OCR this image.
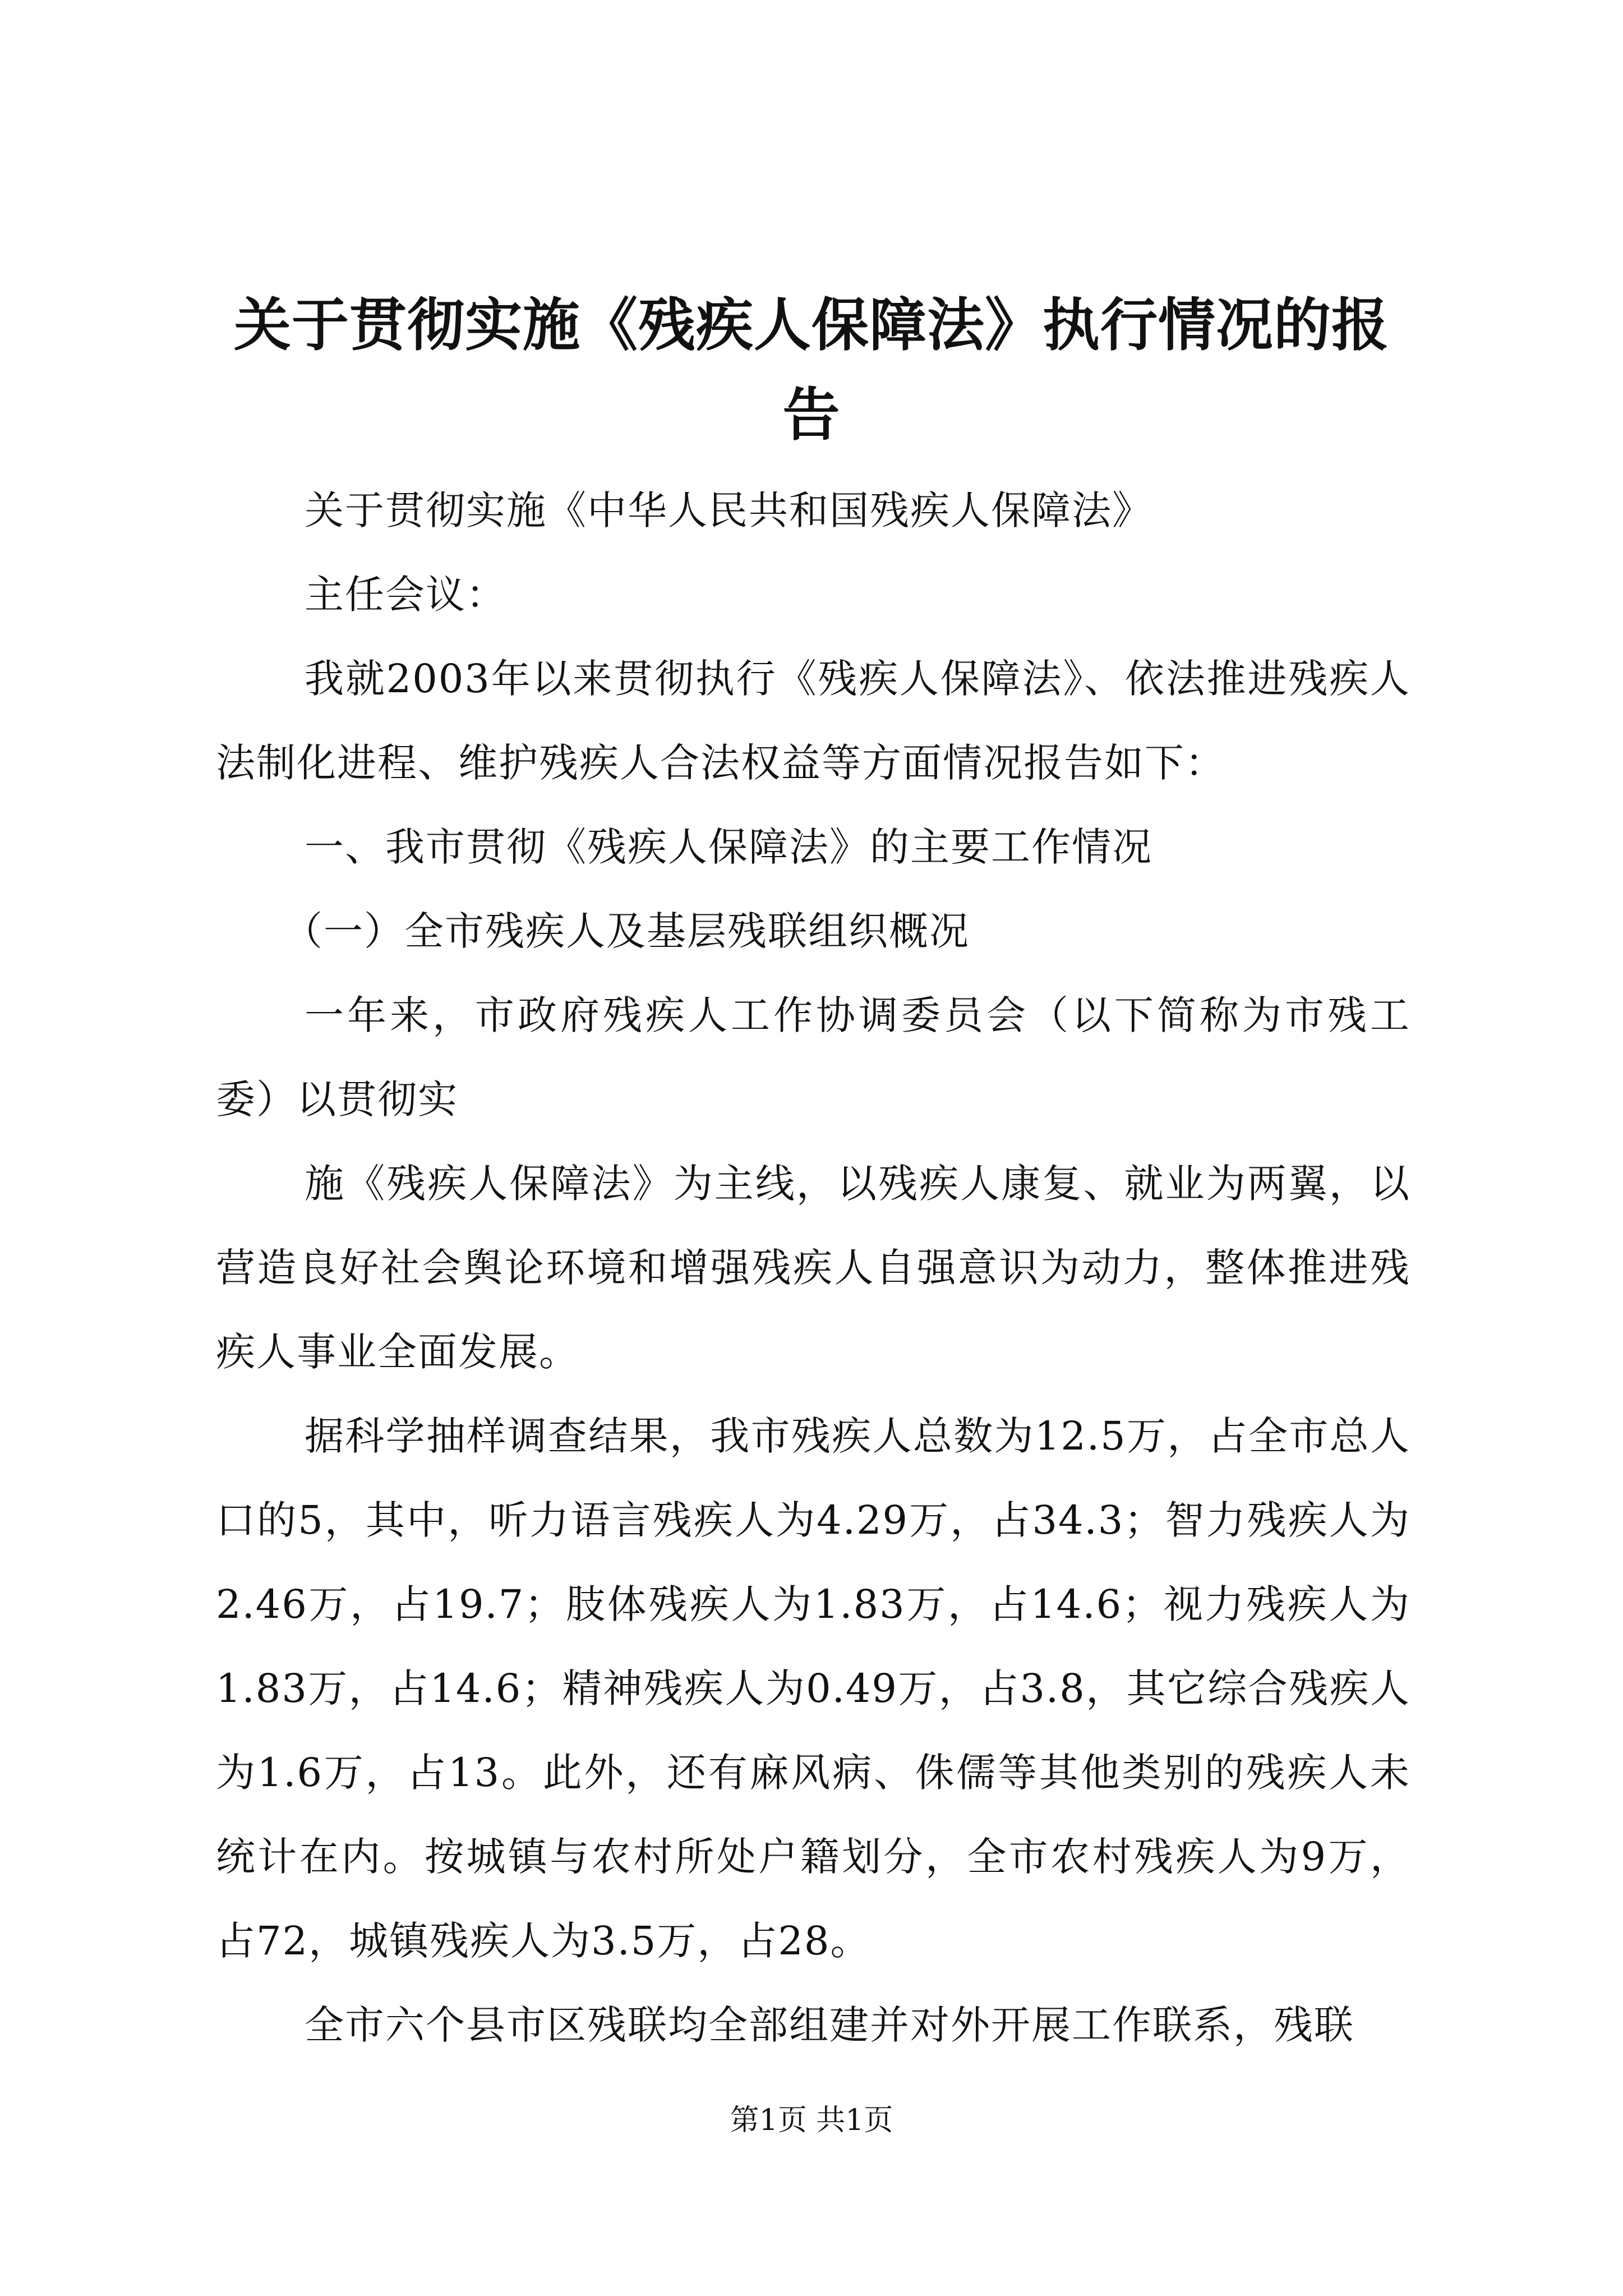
关于贯彻实施《残疾人保障法》执行情况的报告

关于贯彻实施《中华人民共和国残疾人保障法》

主任会议：

我就2003年以来贯彻执行《残疾人保障法》、依法推进残疾人法制化进程、维护残疾人合法权益等方面情况报告如下：

一、我市贯彻《残疾人保障法》的主要工作情况

（一）全市残疾人及基层残联组织概况

一年来，市政府残疾人工作协调委员会（以下简称为市残工委）以贯彻实

施《残疾人保障法》为主线，以残疾人康复、就业为两翼，以营造良好社会舆论环境和增强残疾人自强意识为动力，整体推进残疾人事业全面发展。

据科学抽样调查结果，我市残疾人总数为12.5万，占全市总人口的5，其中，听力语言残疾人为4.29万，占34.3；智力残疾人为2.46万，占19.7；肢体残疾人为1.83万，占14.6；视力残疾人为1.83万，占14.6；精神残疾人为0.49万，占3.8，其它综合残疾人为1.6万，占13。此外，还有麻风病、侏儒等其他类别的残疾人未统计在内。按城镇与农村所处户籍划分，全市农村残疾人为9万，占72，城镇残疾人为3.5万，占28。

全市六个县市区残联均全部组建并对外开展工作联系，残联

第1页 共1页
